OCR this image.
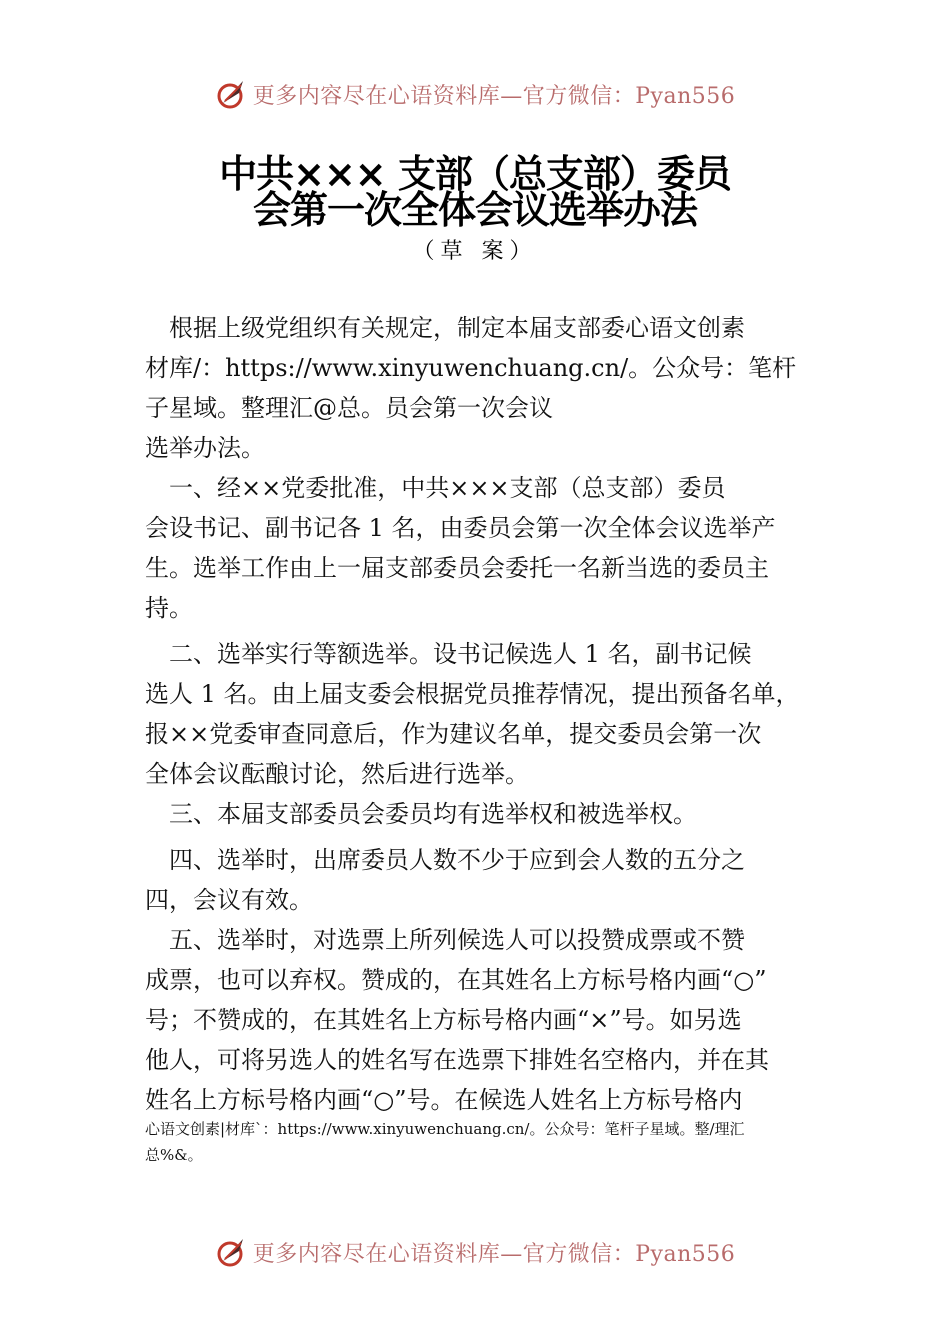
更多内容尽在心语资料库—官方微信：Pyan556
中共××× 支部（总支部）委员
会第一次全体会议选举办法
（草 案）
　根据上级党组织有关规定，制定本届支部委心语文创素
材库/：https://www.xinyuwenchuang.cn/。公众号：笔杆
子星域。整理汇@总。员会第一次会议
选举办法。
　一、经××党委批准，中共×××支部（总支部）委员
会设书记、副书记各 1 名，由委员会第一次全体会议选举产
生。选举工作由上一届支部委员会委托一名新当选的委员主
持。
　二、选举实行等额选举。设书记候选人 1 名，副书记候
选人 1 名。由上届支委会根据党员推荐情况，提出预备名单，
报××党委审查同意后，作为建议名单，提交委员会第一次
全体会议酝酿讨论，然后进行选举。
　三、本届支部委员会委员均有选举权和被选举权。
　四、选举时，出席委员人数不少于应到会人数的五分之
四，会议有效。
　五、选举时，对选票上所列候选人可以投赞成票或不赞
成票，也可以弃权。赞成的，在其姓名上方标号格内画“○”
号；不赞成的，在其姓名上方标号格内画“×”号。如另选
他人，可将另选人的姓名写在选票下排姓名空格内，并在其
姓名上方标号格内画“○”号。在候选人姓名上方标号格内
心语文创素|材库`：https://www.xinyuwenchuang.cn/。公众号：笔杆子星域。整/理汇
总%&。
更多内容尽在心语资料库—官方微信：Pyan556
